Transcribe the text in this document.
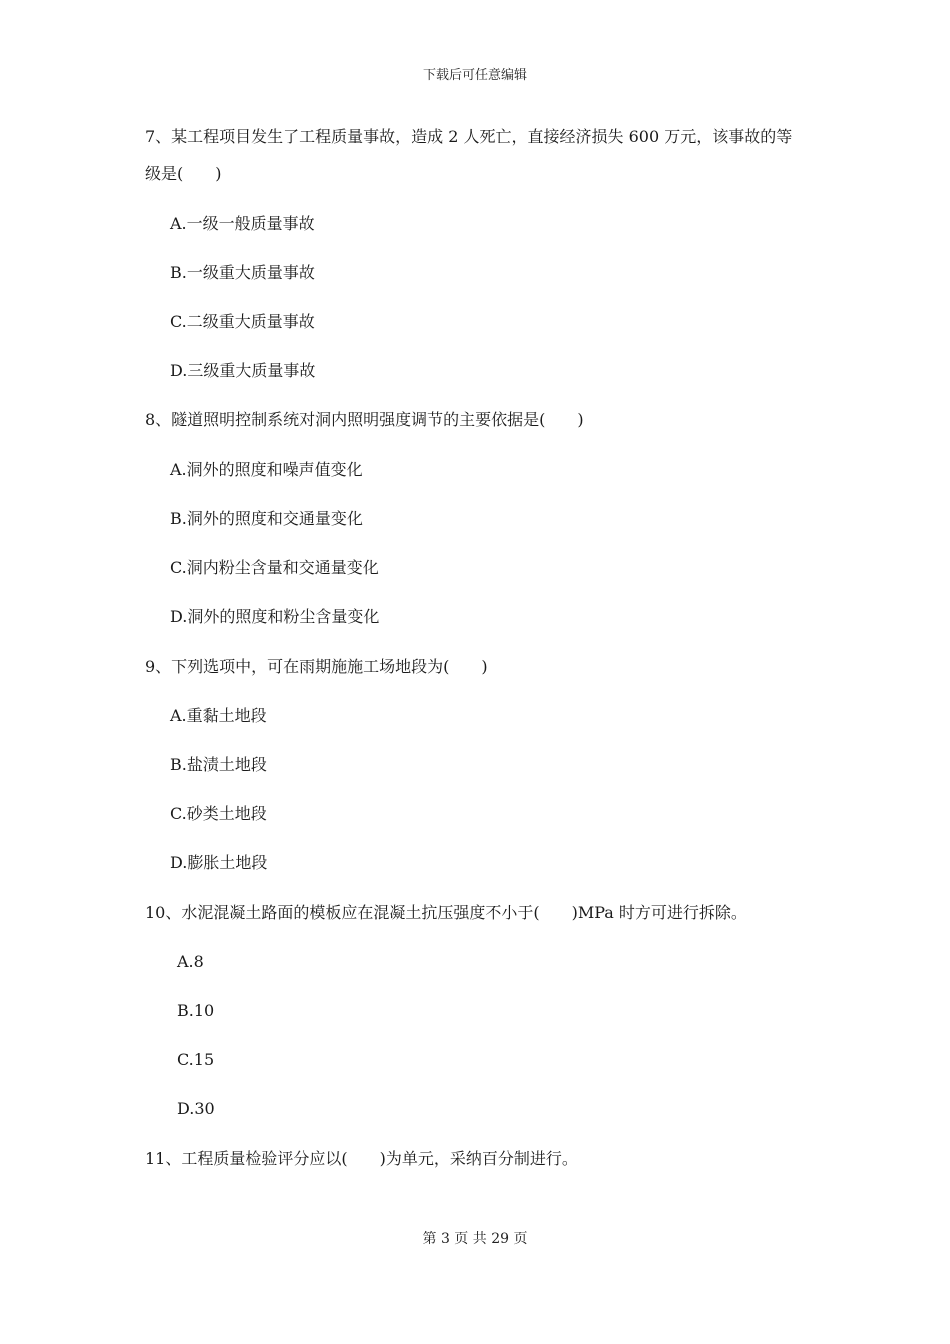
下载后可任意编辑
7、某工程项目发生了工程质量事故，造成 2 人死亡，直接经济损失 600 万元，该事故的等
级是(　　)
A.一级一般质量事故
B.一级重大质量事故
C.二级重大质量事故
D.三级重大质量事故
8、隧道照明控制系统对洞内照明强度调节的主要依据是(　　)
A.洞外的照度和噪声值变化
B.洞外的照度和交通量变化
C.洞内粉尘含量和交通量变化
D.洞外的照度和粉尘含量变化
9、下列选项中，可在雨期施施工场地段为(　　)
A.重黏土地段
B.盐渍土地段
C.砂类土地段
D.膨胀土地段
10、水泥混凝土路面的模板应在混凝土抗压强度不小于(　　)MPa 时方可进行拆除。
A.8
B.10
C.15
D.30
11、工程质量检验评分应以(　　)为单元，采纳百分制进行。
第 3 页 共 29 页
